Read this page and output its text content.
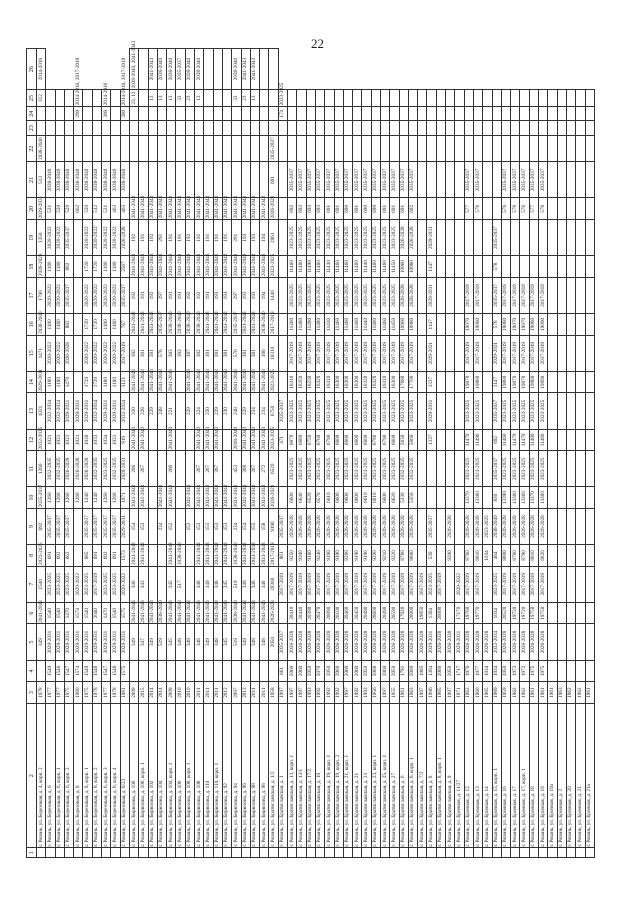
22
1	2	3	4	5	6	7	8	9	10	11	12	13	14	15	16	17	18	19	20	21	22	23	24	25	26
	г. Рязань, ул. Березовая, д. 4, корп. 2	1978		349	2041-2043	1540	2023-2025	692	2035-2037	1260	2032-2035	1021	2029-2031	1471	2038-2040	1790	2026-2028	1350	2029-2031	513	2038-2040			312	2014-2016
	г. Рязань, ул. Березовая, д. 6	1977	1549	2029-2031	1540	2023-2025	691	2035-2037	1260	2032-2035	1021	2032-2034	1180	2020-2022	1180	2020-2022	1180	2020-2022	521	2038-2040					
	г. Рязань, ул. Березовая, д. 6, корп. 1	1977	1546	2029-2031	1540	2023-2025	692	2035-2037	1260	2032-2035	1021	2032-2034	1180	2020-2022	1180	2020-2022	1180	2020-2022	520	2038-2040					
	г. Рязань, ул. Березовая, д. 6, корп. 2	1975	1547	2029-2031	1470	2023-2025	662	2035-2037	1260	2026-2028	1021	2029-2031	1470	2026-2028	882	2035-2037	882	2035-2037	520	2038-2040					
	г. Рязань, ул. Березовая, д. 8	1980	1574	2029-2031	1574	2020-2022			1260	2026-2028	1021	2029-2031							662	2038-2040			299	2014-2016, 2017-2019	
	г. Рязань, ул. Березовая, д. 8, корп. 1	1975	1549	2029-2031	1540	2023-2025	685	2035-2037	1240	2026-2028	1030	2029-2031	1720	2020-2022	1720	2020-2022	1720	2020-2022	520	2038-2040					
	г. Рязань, ул. Березовая, д. 8, корп. 2	1978	1548	2029-2031	3040	2017-2019	691	2035-2037	1240	2032-2035	1033	2032-2034	1720	2020-2022	1720	2020-2022	1720	2020-2022	512	2038-2040					
	г. Рязань, ул. Березовая, д. 8, корп. 3	1977	1547	2029-2031	1470	2023-2025	692	2035-2037	1260	2023-2025	1034	2029-2031	1180	2020-2022	1180	2020-2022	1180	2020-2022	521	2038-2040			309	2014-2016	
	г. Рязань, ул. Березовая, д. 8, корп. 4	1978	1548	2029-2031	1540	2023-2025	691	2035-2037	1260	2032-2035	1021	2029-2031	1180	2020-2022	1180	2020-2022	1180	2020-2022	463	2038-2040					
	г. Рязань, ул. Березовая, д. 8/23	1981	1575	2029-2031	1575	2020-2022	1573	2029-2031	1071	2029-2031	919	2032-2034	3121	2017-2019	767	2035-2037	2567	2026-2028	463	2038-2040			300	2014-2016, 2017-2019	
	г. Рязань, ул. Бирюзова, д. 10б	2009		349	2041-2043	348	2041-2043	154	2041-2043	208	2041-2043	330	2041-2043	382	2041-2043	192	2041-2043	192	2041-2043					23, 13	2038-2040, 2041-2043
	г. Рязань, ул. Бирюзова, д. 10б, корп. 1	2015		347	2041-2043	343	2041-2043	153	2041-2043	267	2041-2043	228	2041-2043	381	2041-2043	191	2041-2043	191	2041-2043						
	г. Рязань, ул. Бирюзова, д. 102	2014		349	2041-2043							229	2041-2043	381	2041-2043	192	2041-2043	192	2041-2043					13	2041-2043
	г. Рязань, ул. Бирюзова, д. 104	2014		519	2038-2040			234	2041-2043			248	2041-2043	576	2035-2037	297	2041-2043	291	2041-2043					13	2038-2040
	г. Рязань, ул. Бирюзова, д. 104, корп. 1	2009		345	2041-2043	345	2041-2043	152	2041-2043	268	2041-2043	221	2041-2043	383	2038-2040	191	2041-2043	191	2041-2043					13	2038-2040
	г. Рязань, ул. Бирюзова, д. 106	2010		348	2041-2043	517	2038-2040							383	2038-2040	191	2041-2043	191	2041-2043					33	2035-2037
	г. Рязань, ул. Бирюзова, д. 106, корп. 1	2010		348	2041-2043			152	2041-2043			229	2041-2043	387	2038-2040	192	2041-2043	192	2041-2043					23	2038-2040
	г. Рязань, ул. Бирюзова, д. 108	2011		348	2041-2043	348	2041-2043	153	2041-2043	267	2041-2043	224	2041-2043	382	2038-2040	192	2041-2043	192	2041-2043					13	2038-2040
	г. Рязань, ул. Бирюзова, д. 110	2011		349	2041-2043	349	2041-2043	151	2041-2043	267	2041-2043	230	2041-2043	381	2041-2043	191	2041-2043	191	2041-2043						
	г. Рязань, ул. Бирюзова, д. 110, корп. 1	2011		348	2041-2043	348	2041-2043	153	2041-2043	267	2041-2043	229	2041-2043	381	2041-2043	191	2041-2043	191	2041-2043						
	г. Рязань, ул. Бирюзова, д. 92	2012		345	2041-2043	345	2041-2043	153	2041-2043			230	2041-2043	381	2041-2043	191	2041-2043	191	2041-2043						
	г. Рязань, ул. Бирюзова, д. 94	2007		519	2038-2040	519	2038-2040	234	2041-2043	453	2038-2040	248	2041-2043	576	2035-2037	297	2041-2043	291	2041-2043					33	2038-2040
	г. Рязань, ул. Бирюзова, д. 96	2013		349	2041-2043	349	2041-2043	154	2041-2043	268	2041-2043	229	2041-2043	381	2041-2043	193	2041-2043	193	2041-2043					23	2041-2043
	г. Рязань, ул. Бирюзова, д. 98	2011		348	2041-2043	348	2041-2043	155	2041-2043	267	2041-2043	234	2041-2043	381	2041-2043	193	2041-2043	193	2041-2043					13	2041-2043
	г. Рязань, ул. Бирюзова, д. 98	2011		348	2041-2043	348	2041-2043	158	2041-2043	272	2041-2043	234	2041-2043	386	2038-2040	194	2041-2043	194	2041-2043						
	г. Рязань, ул. Братиславская, д. 1/2	1958		2050	2026-2028	20300	2017-2019	9190	2026-2028	6520	2023-2025	6750	2023-2025	18310	2017-2019	1440	2023-2025	2061	2026-2028	691	2035-2037				
	г. Рязань, ул. Братиславская, д. 1	1997	861	2035-2037		2017-2019	861	2035-2037			471	2035-2037											174	2023-2025	
	г. Рязань, ул. Братиславская, д. 13, корп. 1	1997	2060	2026-2028	20410	2017-2019	9250	2026-2028	6600	2023-2025	6870	2023-2025	18310	2017-2019	11460	2023-2025	11460	2023-2025	692	2035-2037					
	г. Рязань, ул. Братиславская, д. 13/1	1997	2060	2026-2028	20440	2017-2019	9300	2026-2028	6640	2023-2025	6880	2023-2025	18350	2017-2019	11480	2023-2025	11480	2023-2025	692	2035-2037					
	г. Рязань, ул. Братиславская, д. 17/2	1993	2050	2026-2028	20390	2017-2019	9180	2026-2028	6520	2023-2025	6750	2023-2025	18230	2017-2019	11490	2023-2025	11490	2023-2025	693	2035-2037					
	г. Рязань, ул. Братиславская, д. 19	1992	2070	2026-2028	20470	2017-2019	9240	2026-2028	6570	2023-2025	6760	2023-2025	18320	2017-2019	11480	2023-2025	11480	2023-2025	693	2035-2037					
	г. Рязань, ул. Братиславская, д. 19, корп. 1	1992	2050	2026-2028	20090	2017-2019	9190	2026-2028	6610	2023-2025	6790	2023-2025	18310	2017-2019	11430	2023-2025	11430	2023-2025	691	2035-2037					
	г. Рязань, ул. Братиславская, д. 19, корп. 2	1992	2060	2026-2028	20100	2017-2019	9190	2026-2028	6600	2023-2025	6800	2023-2025	18300	2017-2019	11460	2023-2025	11460	2023-2025	691	2035-2037					
	г. Рязань, ул. Братиславская, д. 21, корп. 1	1997	2060	2026-2028	20460	2017-2019	9200	2026-2028	6600	2023-2025	6800	2023-2025	18300	2017-2019	11460	2023-2025	11460	2023-2025	690	2035-2037					
	г. Рязань, ул. Братиславская, д. 21	1992	2060	2026-2028	20450	2017-2019	9190	2026-2028	6600	2023-2025	6800	2023-2025	18300	2017-2019	11460	2023-2025	11460	2023-2025	691	2035-2037					
	г. Рязань, ул. Братиславская, д. 23	1993	2050	2026-2028	20490	2017-2019	9190	2026-2028	6610	2023-2025	6800	2023-2025	18320	2017-2019	11440	2023-2025	11440	2023-2025	690	2035-2037					
	г. Рязань, ул. Братиславская, д. 23, корп. 1	1956	2060	2026-2028	20600	2017-2019	9200	2026-2028	6610	2023-2025	6790	2023-2025	18320	2017-2019	11460	2023-2025	11460	2023-2025	690	2035-2037					
	г. Рязань, ул. Братиславская, д. 25, корп. 1	1997	2060	2026-2028	20490	2017-2019	9210	2026-2028	6600	2023-2025	6790	2023-2025	18310	2017-2019	11460	2023-2025	11460	2023-2025	691	2035-2037					
	г. Рязань, ул. Братиславская, д. 27	1955	2050	2026-2028	20590	2017-2019	9220	2026-2028	6620	2023-2025	6800	2023-2025	18300	2017-2019	11450	2023-2025	11450	2023-2025	691	2035-2037					
	г. Рязань, ул. Братиславская, д. 6	1961	1791	2026-2028	17920	2017-2019	8780	2026-2028	5330	2032-2035	5830	2023-2025	17680	2017-2019	10960	2026-2028	10960	2026-2028	691	2035-2037					
	г. Рязань, ул. Братиславская, д. 6, корп. 1	1963	2000	2026-2028	20000	2017-2019	8800	2026-2028	5350	2032-2035	5860	2023-2025	17700	2017-2019	10980	2026-2028	10980	2026-2028	692	2035-2037					
	г. Рязань, ул. Братиславская, д. 7/2	1997	1995	2026-2028	19950	2017-2019																			
	г. Рязань, ул. Братиславская, д. 8	1996	1304	2029-2031	1304	2023-2025	530	2035-2037			1337	2029-2031	1337	2029-2031	1147	2029-2031	1147	2029-2031							
	г. Рязань, ул. Братиславская, д. 8, корп. 1	1965	2060	2026-2028	20090	2017-2019																			
	г. Рязань, ул. Братиславская, д. 9	1997	2050	2026-2028			9200	2026-2028																	
	г. Рязань, ул. Бронная, д. 11/27	1971	1717	2029-2031	17170	2020-2022																			
	г. Рязань, ул. Бронная, д. 12	1962	1976	2026-2028	19760	2017-2019	8760	2026-2028	13370	2023-2025	11470	2023-2025	19070	2017-2019	19070	2017-2019			577	2035-2037					
	г. Рязань, ул. Бронная, д. 13	1960	1977	2026-2028	19770	2017-2019	8810	2026-2028	13380	2023-2025	11490	2023-2025	19080	2017-2019	19080	2017-2019			578	2035-2037					
	г. Рязань, ул. Бронная, д. 14	1965	1034	2026-2028			1034	2023-2025																	
	г. Рязань, ул. Бронная, д. 15, корп. 1	1989	1034	2032-2034	1034	2023-2025	464	2038-2040	830	2035-2037	692	2035-2037	1147	2029-2031	578	2035-2037	578	2035-2037							
	г. Рязань, ул. Бронная, д. 16	1959	2050	2026-2028	20520	2017-2019	8800	2026-2028	13390	2023-2025	11460	2023-2025	19080	2017-2019	19080	2017-2019			576	2035-2037					
	г. Рязань, ул. Бронная, д. 17	1962	1972	2026-2028	19720	2017-2019	8780	2026-2028	13360	2023-2025	11470	2023-2025	19070	2017-2019	19070	2017-2019			576	2035-2037					
	г. Рязань, ул. Бронная, д. 17, корп. 1	1962	1972	2026-2028	19720	2017-2019	8780	2026-2028	13360	2023-2025	11470	2023-2025	19070	2017-2019	19070	2017-2019			576	2035-2037					
	г. Рязань, ул. Бронная, д. 18	1961	1975	2026-2028	19750	2017-2019	8810	2026-2028	13370	2023-2025	11490	2023-2025	19080	2017-2019	19080	2017-2019			577	2035-2037					
	г. Рязань, ул. Бронная, д. 19	1961	1975	2026-2028	19750	2017-2019	8820	2026-2028	13380	2023-2025	11480	2023-2025	19090	2017-2019	19090	2017-2019			578	2035-2037					
	г. Рязань, ул. Бронная, д. 19а	1961																							
	г. Рязань, ул. Бронная, д. 2	1963																							
	г. Рязань, ул. Бронная, д. 20	1962																							
	г. Рязань, ул. Бронная, д. 21	1962																							
	г. Рязань, ул. Бронная, д. 21а	1961																							
